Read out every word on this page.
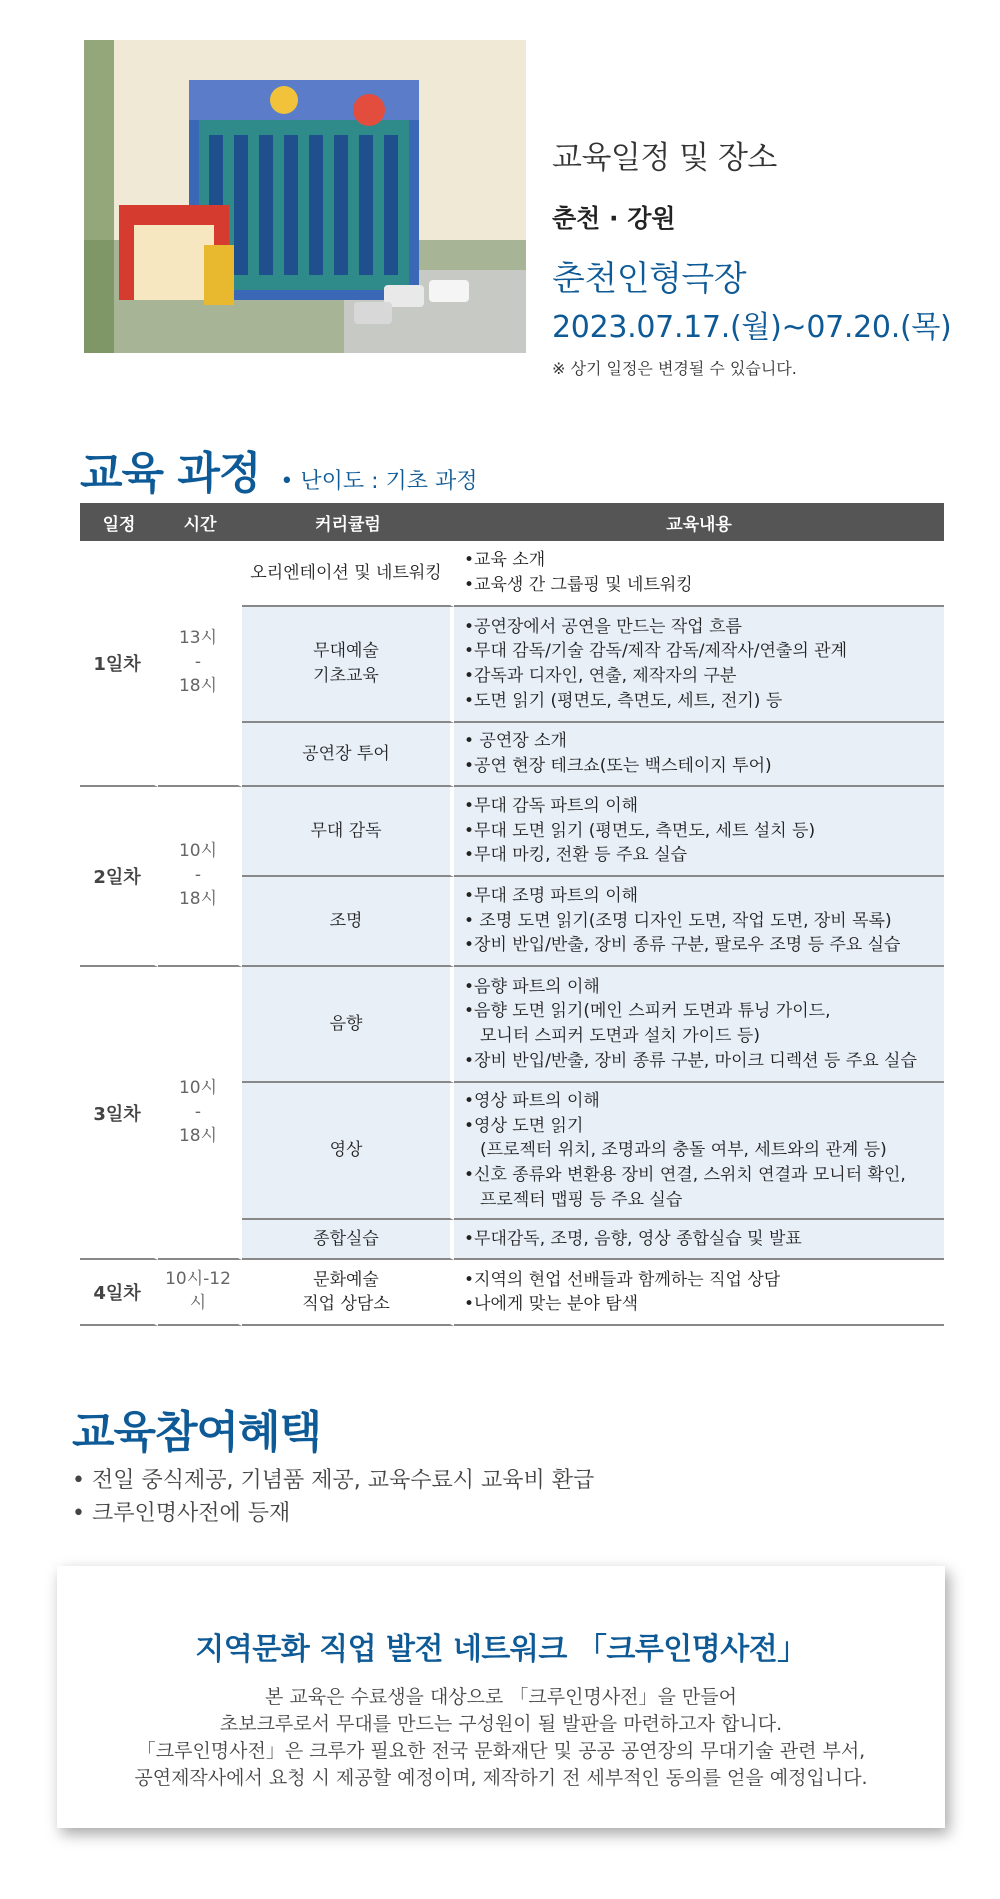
교육일정 및 장소
춘천 · 강원
춘천인형극장
2023.07.17.(월)~07.20.(목)
※ 상기 일정은 변경될 수 있습니다.
교육 과정 • 난이도 : 기초 과정
일정	시간	커리큘럼	교육내용
1일차	13시
-
18시	오리엔테이션 및 네트워킹	•교육 소개
•교육생 간 그룹핑 및 네트워킹

		무대예술
기초교육	•공연장에서 공연을 만드는 작업 흐름
•무대 감독/기술 감독/제작 감독/제작사/연출의 관계
•감독과 디자인, 연출, 제작자의 구분
•도면 읽기 (평면도, 측면도, 세트, 전기) 등

		공연장 투어	• 공연장 소개
•공연 현장 테크쇼(또는 백스테이지 투어)

2일차	10시
-
18시	무대 감독	•무대 감독 파트의 이해
•무대 도면 읽기 (평면도, 측면도, 세트 설치 등)
•무대 마킹, 전환 등 주요 실습

		조명	•무대 조명 파트의 이해
• 조명 도면 읽기(조명 디자인 도면, 작업 도면, 장비 목록)
•장비 반입/반출, 장비 종류 구분, 팔로우 조명 등 주요 실습

3일차	10시
-
18시	음향	•음향 파트의 이해
•음향 도면 읽기(메인 스피커 도면과 튜닝 가이드,
모니터 스피커 도면과 설치 가이드 등)
•장비 반입/반출, 장비 종류 구분, 마이크 디렉션 등 주요 실습

		영상	•영상 파트의 이해
•영상 도면 읽기
(프로젝터 위치, 조명과의 충돌 여부, 세트와의 관계 등)
•신호 종류와 변환용 장비 연결, 스위치 연결과 모니터 확인,
프로젝터 맵핑 등 주요 실습

		종합실습	•무대감독, 조명, 음향, 영상 종합실습 및 발표

4일차	10시-12시	문화예술
직업 상담소	•지역의 현업 선배들과 함께하는 직업 상담
•나에게 맞는 분야 탐색
교육참여혜택
• 전일 중식제공, 기념품 제공, 교육수료시 교육비 환급
• 크루인명사전에 등재
지역문화 직업 발전 네트워크 「크루인명사전」
본 교육은 수료생을 대상으로 「크루인명사전」을 만들어
초보크루로서 무대를 만드는 구성원이 될 발판을 마련하고자 합니다.
「크루인명사전」은 크루가 필요한 전국 문화재단 및 공공 공연장의 무대기술 관련 부서,
공연제작사에서 요청 시 제공할 예정이며, 제작하기 전 세부적인 동의를 얻을 예정입니다.
